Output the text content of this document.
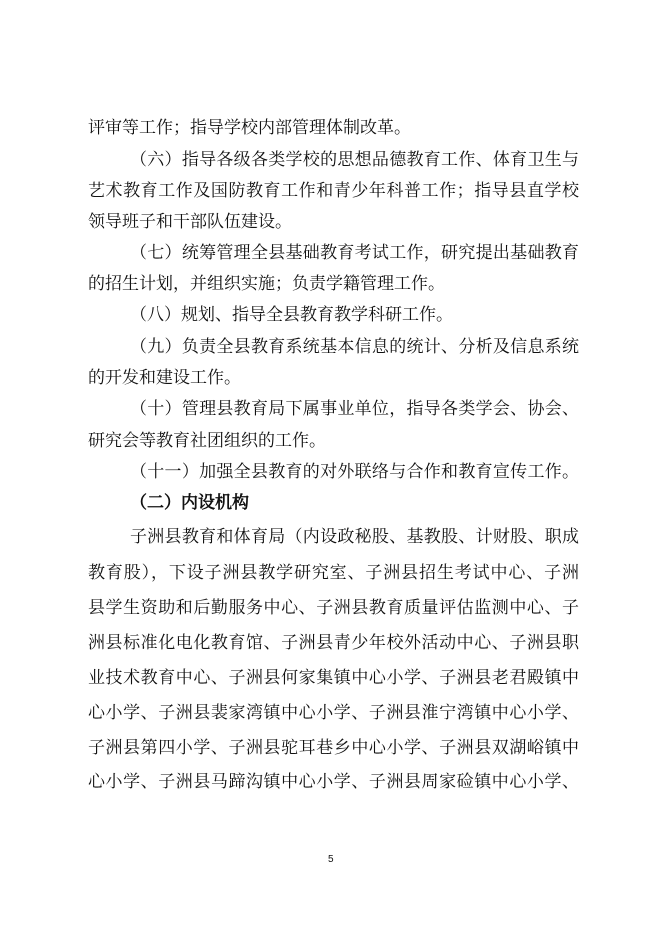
评审等工作；指导学校内部管理体制改革。
（六）指导各级各类学校的思想品德教育工作、体育卫生与
艺术教育工作及国防教育工作和青少年科普工作；指导县直学校
领导班子和干部队伍建设。
（七）统筹管理全县基础教育考试工作，研究提出基础教育
的招生计划，并组织实施；负责学籍管理工作。
（八）规划、指导全县教育教学科研工作。
（九）负责全县教育系统基本信息的统计、分析及信息系统
的开发和建设工作。
（十）管理县教育局下属事业单位，指导各类学会、协会、
研究会等教育社团组织的工作。
（十一）加强全县教育的对外联络与合作和教育宣传工作。
（二）内设机构
子洲县教育和体育局（内设政秘股、基教股、计财股、职成
教育股），下设子洲县教学研究室、子洲县招生考试中心、子洲
县学生资助和后勤服务中心、子洲县教育质量评估监测中心、子
洲县标准化电化教育馆、子洲县青少年校外活动中心、子洲县职
业技术教育中心、子洲县何家集镇中心小学、子洲县老君殿镇中
心小学、子洲县裴家湾镇中心小学、子洲县淮宁湾镇中心小学、
子洲县第四小学、子洲县驼耳巷乡中心小学、子洲县双湖峪镇中
心小学、子洲县马蹄沟镇中心小学、子洲县周家硷镇中心小学、
5
